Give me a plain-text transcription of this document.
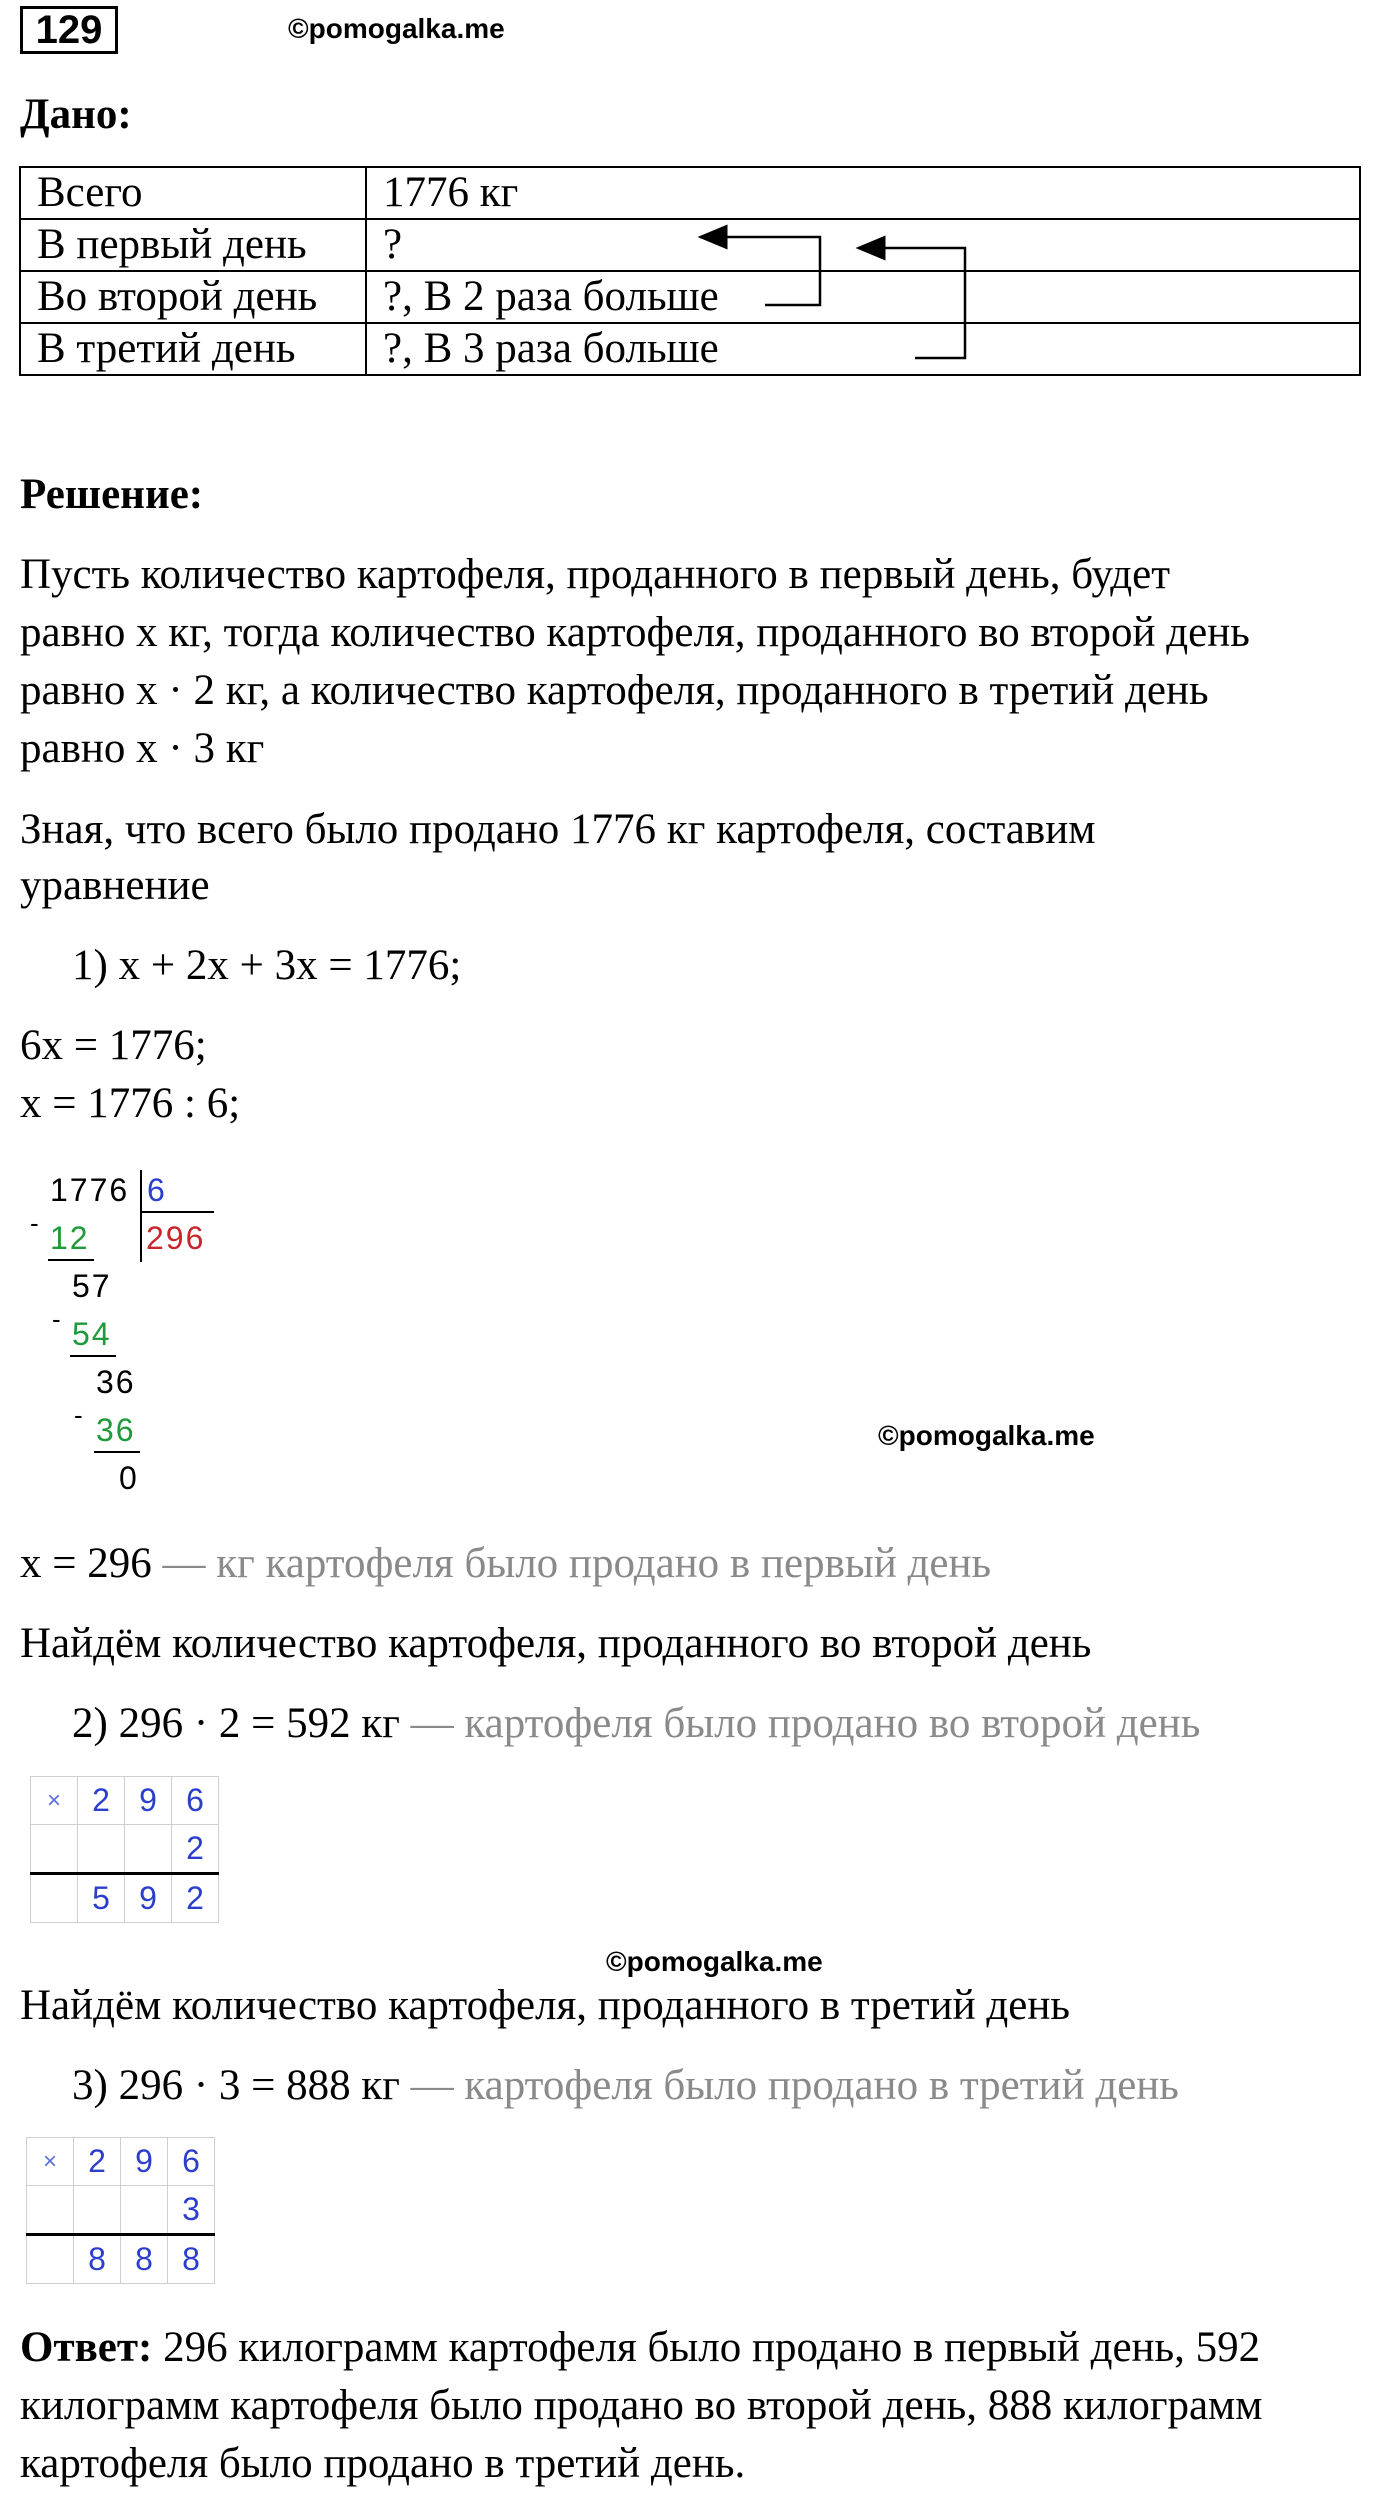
129	©pomogalka.me
Дано:
Всего	1776 кг
В первый день	?
Во второй день	?, В 2 раза больше
В третий день	?, В 3 раза больше
Решение:
Пусть количество картофеля, проданного в первый день, будет
равно х кг, тогда количество картофеля, проданного во второй день
равно х · 2 кг, а количество картофеля, проданного в третий день
равно х · 3 кг
Зная, что всего было продано 1776 кг картофеля, составим
уравнение
1) х + 2х + 3х = 1776;
6х = 1776;
х = 1776 : 6;
1776 6
296
- 12
57
- 54
36
- 36
0
©pomogalka.me
х = 296 — кг картофеля было продано в первый день
Найдём количество картофеля, проданного во второй день
2) 296 · 2 = 592 кг — картофеля было продано во второй день
×	2	9	6
			2
	5	9	2
©pomogalka.me
Найдём количество картофеля, проданного в третий день
3) 296 · 3 = 888 кг — картофеля было продано в третий день
×	2	9	6
			3
	8	8	8
Ответ: 296 килограмм картофеля было продано в первый день, 592
килограмм картофеля было продано во второй день, 888 килограмм
картофеля было продано в третий день.
